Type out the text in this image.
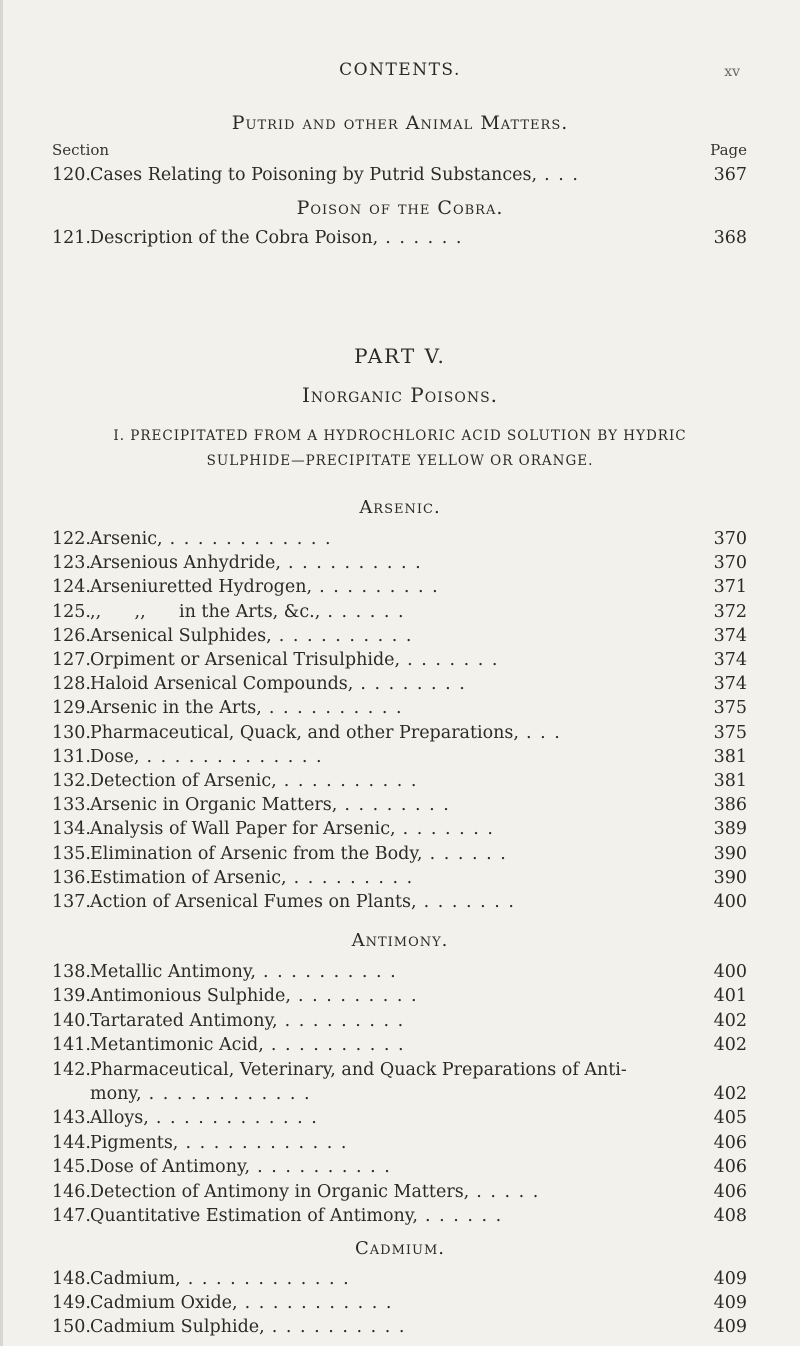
CONTENTS.	xv
Putrid and other Animal Matters.
Section	Page
120. Cases Relating to Poisoning by Putrid Substances, . . .	367
Poison of the Cobra.
121. Description of the Cobra Poison, . . . . . .	368
PART V.
Inorganic Poisons.
I. PRECIPITATED FROM A HYDROCHLORIC ACID SOLUTION BY HYDRIC
SULPHIDE—PRECIPITATE YELLOW OR ORANGE.
Arsenic.
122. Arsenic, . . . . . . . . . . . .	370
123. Arsenious Anhydride, . . . . . . . . . .	370
124. Arseniuretted Hydrogen, . . . . . . . . .	371
125. ,,      ,,      in the Arts, &c., . . . . . .	372
126. Arsenical Sulphides, . . . . . . . . . .	374
127. Orpiment or Arsenical Trisulphide, . . . . . . .	374
128. Haloid Arsenical Compounds, . . . . . . . .	374
129. Arsenic in the Arts, . . . . . . . . . .	375
130. Pharmaceutical, Quack, and other Preparations, . . .	375
131. Dose, . . . . . . . . . . . . .	381
132. Detection of Arsenic, . . . . . . . . . .	381
133. Arsenic in Organic Matters, . . . . . . . .	386
134. Analysis of Wall Paper for Arsenic, . . . . . . .	389
135. Elimination of Arsenic from the Body, . . . . . .	390
136. Estimation of Arsenic, . . . . . . . . .	390
137. Action of Arsenical Fumes on Plants, . . . . . . .	400
Antimony.
138. Metallic Antimony, . . . . . . . . . .	400
139. Antimonious Sulphide, . . . . . . . . .	401
140. Tartarated Antimony, . . . . . . . . .	402
141. Metantimonic Acid, . . . . . . . . . .	402
142. Pharmaceutical, Veterinary, and Quack Preparations of Anti-
mony, . . . . . . . . . . . .	402
143. Alloys, . . . . . . . . . . . .	405
144. Pigments, . . . . . . . . . . . .	406
145. Dose of Antimony, . . . . . . . . . .	406
146. Detection of Antimony in Organic Matters, . . . . .	406
147. Quantitative Estimation of Antimony, . . . . . .	408
Cadmium.
148. Cadmium, . . . . . . . . . . . .	409
149. Cadmium Oxide, . . . . . . . . . . .	409
150. Cadmium Sulphide, . . . . . . . . . .	409
